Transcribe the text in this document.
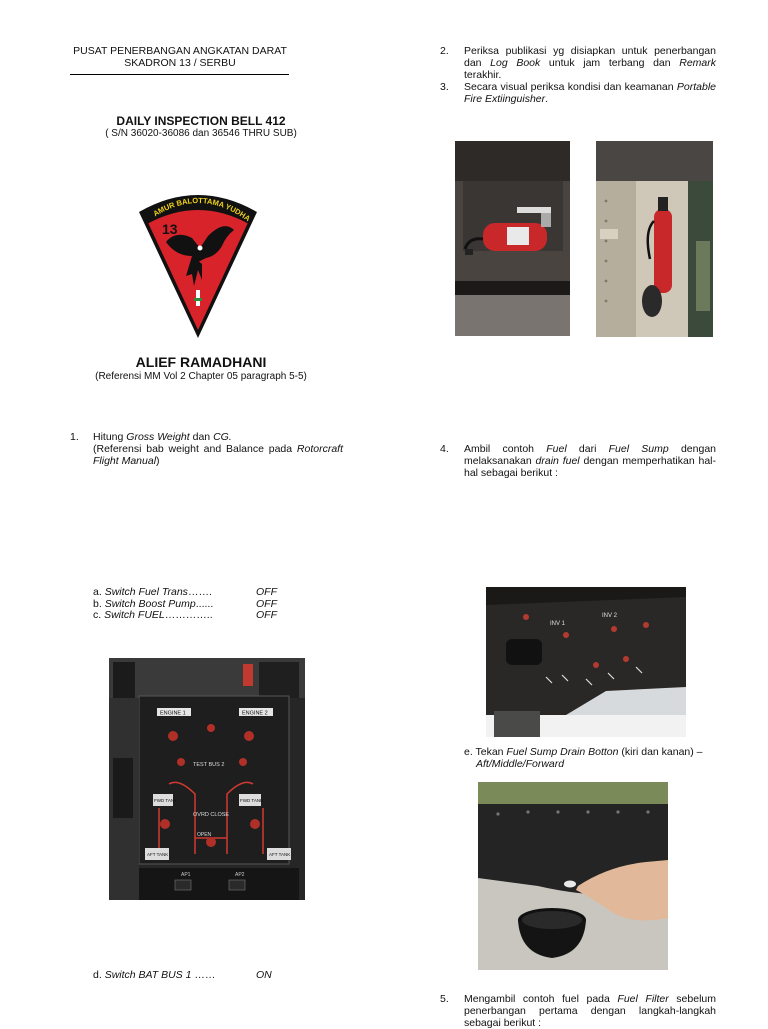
PUSAT PENERBANGAN ANGKATAN DARAT
SKADRON 13 / SERBU
DAILY INSPECTION BELL 412
( S/N 36020-36086 dan 36546 THRU SUB)
AMUR BALOTTAMA YUDHA
13
ALIEF RAMADHANI
(Referensi MM Vol 2 Chapter 05 paragraph 5-5)
1.	Hitung Gross Weight dan CG.
(Referensi bab weight and Balance pada Rotorcraft Flight Manual)
a. Switch Fuel Trans…….	OFF
b. Switch Boost Pump......	OFF
c. Switch FUEL…………..	OFF
ENGINE 1	ENGINE 2
TEST BUS 2
OVRD CLOSE
FWD TANK	FWD TANK
OPEN
AFT TANK	AFT TANK
AP1	AP2
d. Switch BAT BUS 1 ……	ON
2.	Periksa publikasi yg disiapkan untuk penerbangan dan Log Book untuk jam terbang dan Remark terakhir.
3.	Secara visual periksa kondisi dan keamanan Portable Fire Extiinguisher.
4.	Ambil contoh Fuel dari Fuel Sump dengan melaksanakan drain fuel dengan memperhatikan hal-hal sebagai berikut :
INV 1
INV 2
e. Tekan Fuel Sump Drain Botton (kiri dan kanan) –
Aft/Middle/Forward
5.	Mengambil contoh fuel pada Fuel Filter sebelum penerbangan pertama dengan langkah-langkah sebagai berikut :
